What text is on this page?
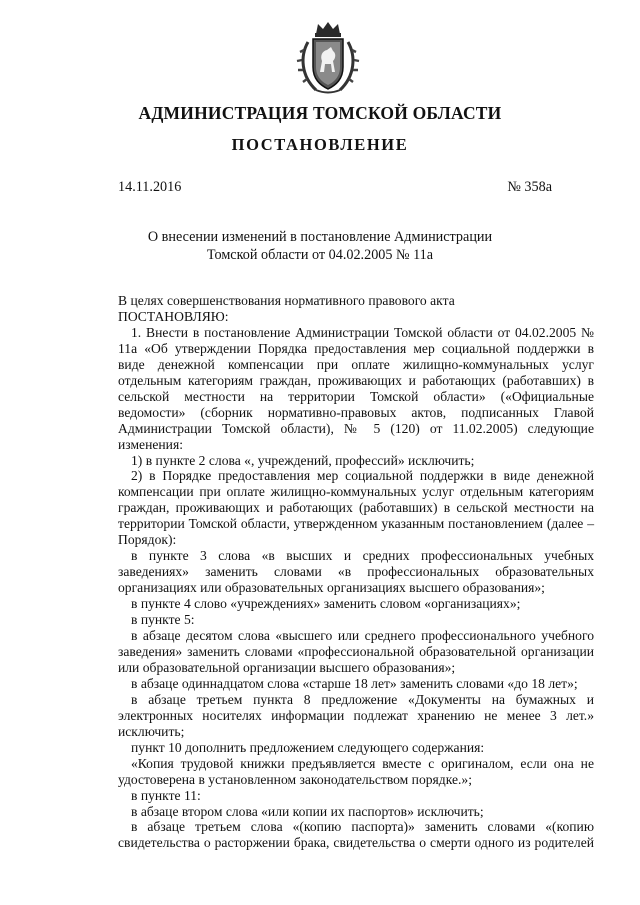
АДМИНИСТРАЦИЯ ТОМСКОЙ ОБЛАСТИ
ПОСТАНОВЛЕНИЕ
14.11.2016	№ 358а
О внесении изменений в постановление Администрации
Томской области от 04.02.2005 № 11а

В целях совершенствования нормативного правового акта

ПОСТАНОВЛЯЮ:

1. Внести в постановление Администрации Томской области от 04.02.2005 № 11а «Об утверждении Порядка предоставления мер социальной поддержки в виде денежной компенсации при оплате жилищно-коммунальных услуг отдельным категориям граждан, проживающих и работающих (работавших) в сельской местности на территории Томской области» («Официальные ведомости» (сборник нормативно-правовых актов, подписанных Главой Администрации Томской области), № 5 (120) от 11.02.2005) следующие изменения:

1) в пункте 2 слова «, учреждений, профессий» исключить;

2) в Порядке предоставления мер социальной поддержки в виде денежной компенсации при оплате жилищно-коммунальных услуг отдельным категориям граждан, проживающих и работающих (работавших) в сельской местности на территории Томской области, утвержденном указанным постановлением (далее – Порядок):

в пункте 3 слова «в высших и средних профессиональных учебных заведениях» заменить словами «в профессиональных образовательных организациях или образовательных организациях высшего образования»;

в пункте 4 слово «учреждениях» заменить словом «организациях»;

в пункте 5:

в абзаце десятом слова «высшего или среднего профессионального учебного заведения» заменить словами «профессиональной образовательной организации или образовательной организации высшего образования»;

в абзаце одиннадцатом слова «старше 18 лет» заменить словами «до 18 лет»;

в абзаце третьем пункта 8 предложение «Документы на бумажных и электронных носителях информации подлежат хранению не менее 3 лет.» исключить;

пункт 10 дополнить предложением следующего содержания:

«Копия трудовой книжки предъявляется вместе с оригиналом, если она не удостоверена в установленном законодательством порядке.»;

в пункте 11:

в абзаце втором слова «или копии их паспортов» исключить;

в абзаце третьем слова «(копию паспорта)» заменить словами «(копию свидетельства о расторжении брака, свидетельства о смерти одного из родителей
